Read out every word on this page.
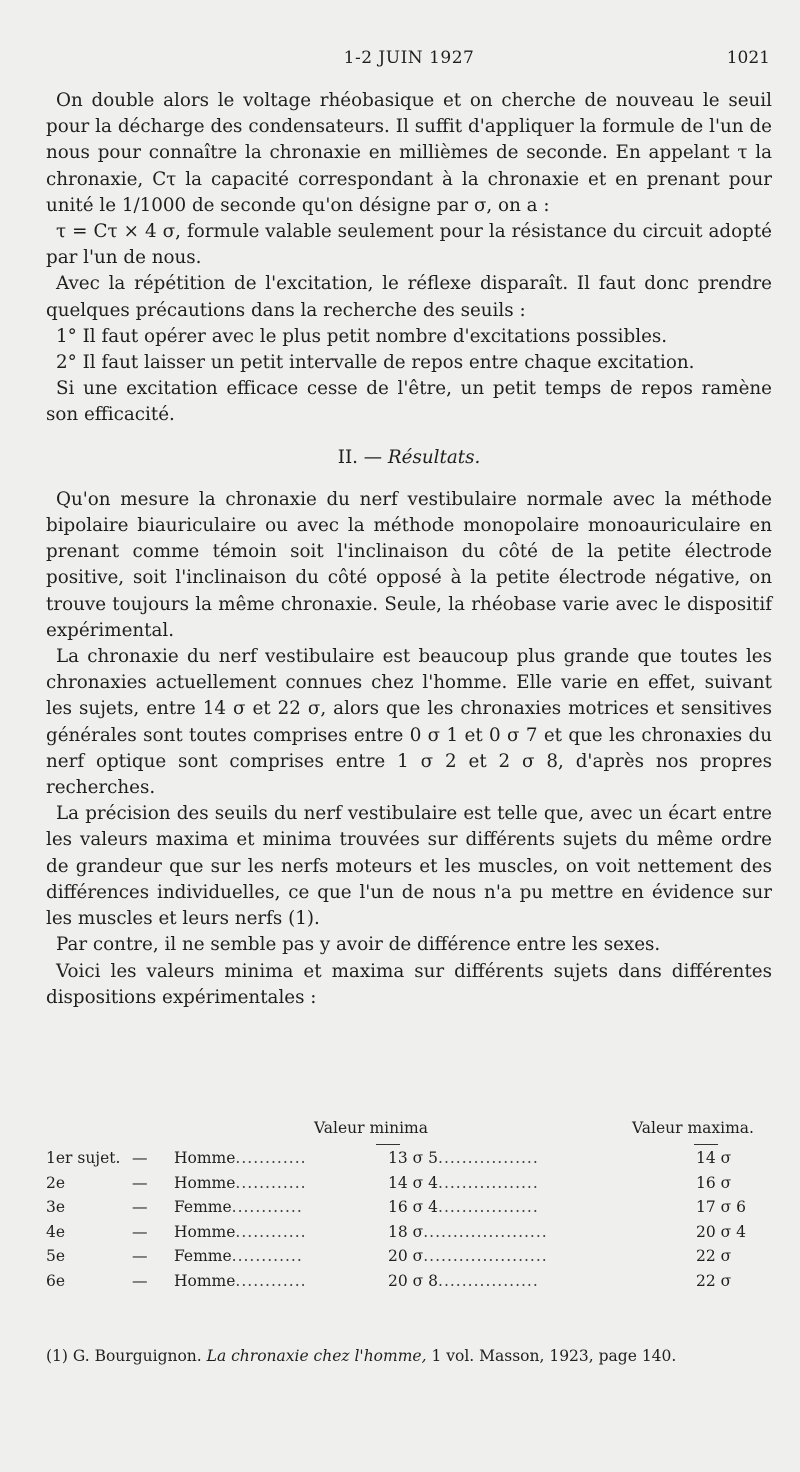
1-2 JUIN 1927	1021

On double alors le voltage rhéobasique et on cherche de nouveau le seuil pour la décharge des condensateurs. Il suffit d'appliquer la formule de l'un de nous pour connaître la chronaxie en millièmes de seconde. En appelant τ la chronaxie, Cτ la capacité correspondant à la chronaxie et en prenant pour unité le 1/1000 de seconde qu'on désigne par σ, on a :

τ = Cτ × 4 σ, formule valable seulement pour la résistance du circuit adopté par l'un de nous.

Avec la répétition de l'excitation, le réflexe disparaît. Il faut donc prendre quelques précautions dans la recherche des seuils :

1° Il faut opérer avec le plus petit nombre d'excitations possibles.

2° Il faut laisser un petit intervalle de repos entre chaque excitation.

Si une excitation efficace cesse de l'être, un petit temps de repos ramène son efficacité.

II. — Résultats.

Qu'on mesure la chronaxie du nerf vestibulaire normale avec la méthode bipolaire biauriculaire ou avec la méthode monopolaire monoauriculaire en prenant comme témoin soit l'inclinaison du côté de la petite électrode positive, soit l'inclinaison du côté opposé à la petite électrode négative, on trouve toujours la même chronaxie. Seule, la rhéobase varie avec le dispositif expérimental.

La chronaxie du nerf vestibulaire est beaucoup plus grande que toutes les chronaxies actuellement connues chez l'homme. Elle varie en effet, suivant les sujets, entre 14 σ et 22 σ, alors que les chronaxies motrices et sensitives générales sont toutes comprises entre 0 σ 1 et 0 σ 7 et que les chronaxies du nerf optique sont comprises entre 1 σ 2 et 2 σ 8, d'après nos propres recherches.

La précision des seuils du nerf vestibulaire est telle que, avec un écart entre les valeurs maxima et minima trouvées sur différents sujets du même ordre de grandeur que sur les nerfs moteurs et les muscles, on voit nettement des différences individuelles, ce que l'un de nous n'a pu mettre en évidence sur les muscles et leurs nerfs (1).

Par contre, il ne semble pas y avoir de différence entre les sexes.

Voici les valeurs minima et maxima sur différents sujets dans différentes dispositions expérimentales :

Valeur minima	Valeur maxima.
1er sujet. — Homme............	13 σ 5.................	14 σ
2e	— Homme............	14 σ 4.................	16 σ
3e	— Femme............	16 σ 4.................	17 σ 6
4e	— Homme............	18 σ.....................	20 σ 4
5e	— Femme............	20 σ.....................	22 σ
6e	— Homme............	20 σ 8.................	22 σ
(1) G. Bourguignon. La chronaxie chez l'homme, 1 vol. Masson, 1923, page 140.
